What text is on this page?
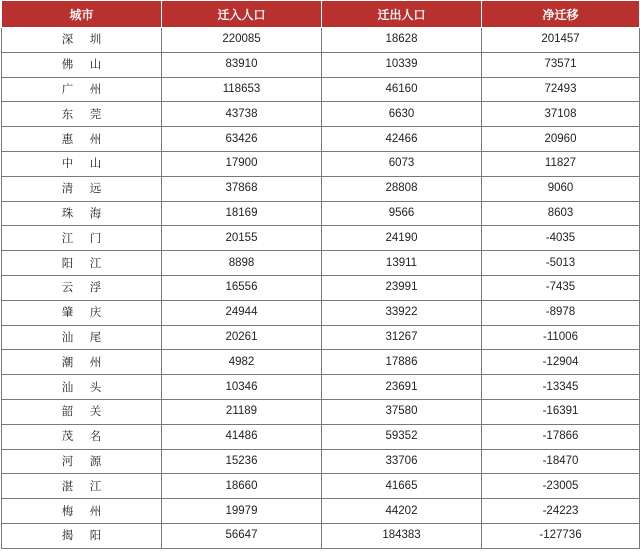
城市	迁入人口	迁出人口	净迁移
深 圳	220085	18628	201457
佛 山	83910	10339	73571
广 州	118653	46160	72493
东 莞	43738	6630	37108
惠 州	63426	42466	20960
中 山	17900	6073	11827
清 远	37868	28808	9060
珠 海	18169	9566	8603
江 门	20155	24190	-4035
阳 江	8898	13911	-5013
云 浮	16556	23991	-7435
肇 庆	24944	33922	-8978
汕 尾	20261	31267	-11006
潮 州	4982	17886	-12904
汕 头	10346	23691	-13345
韶 关	21189	37580	-16391
茂 名	41486	59352	-17866
河 源	15236	33706	-18470
湛 江	18660	41665	-23005
梅 州	19979	44202	-24223
揭 阳	56647	184383	-127736
